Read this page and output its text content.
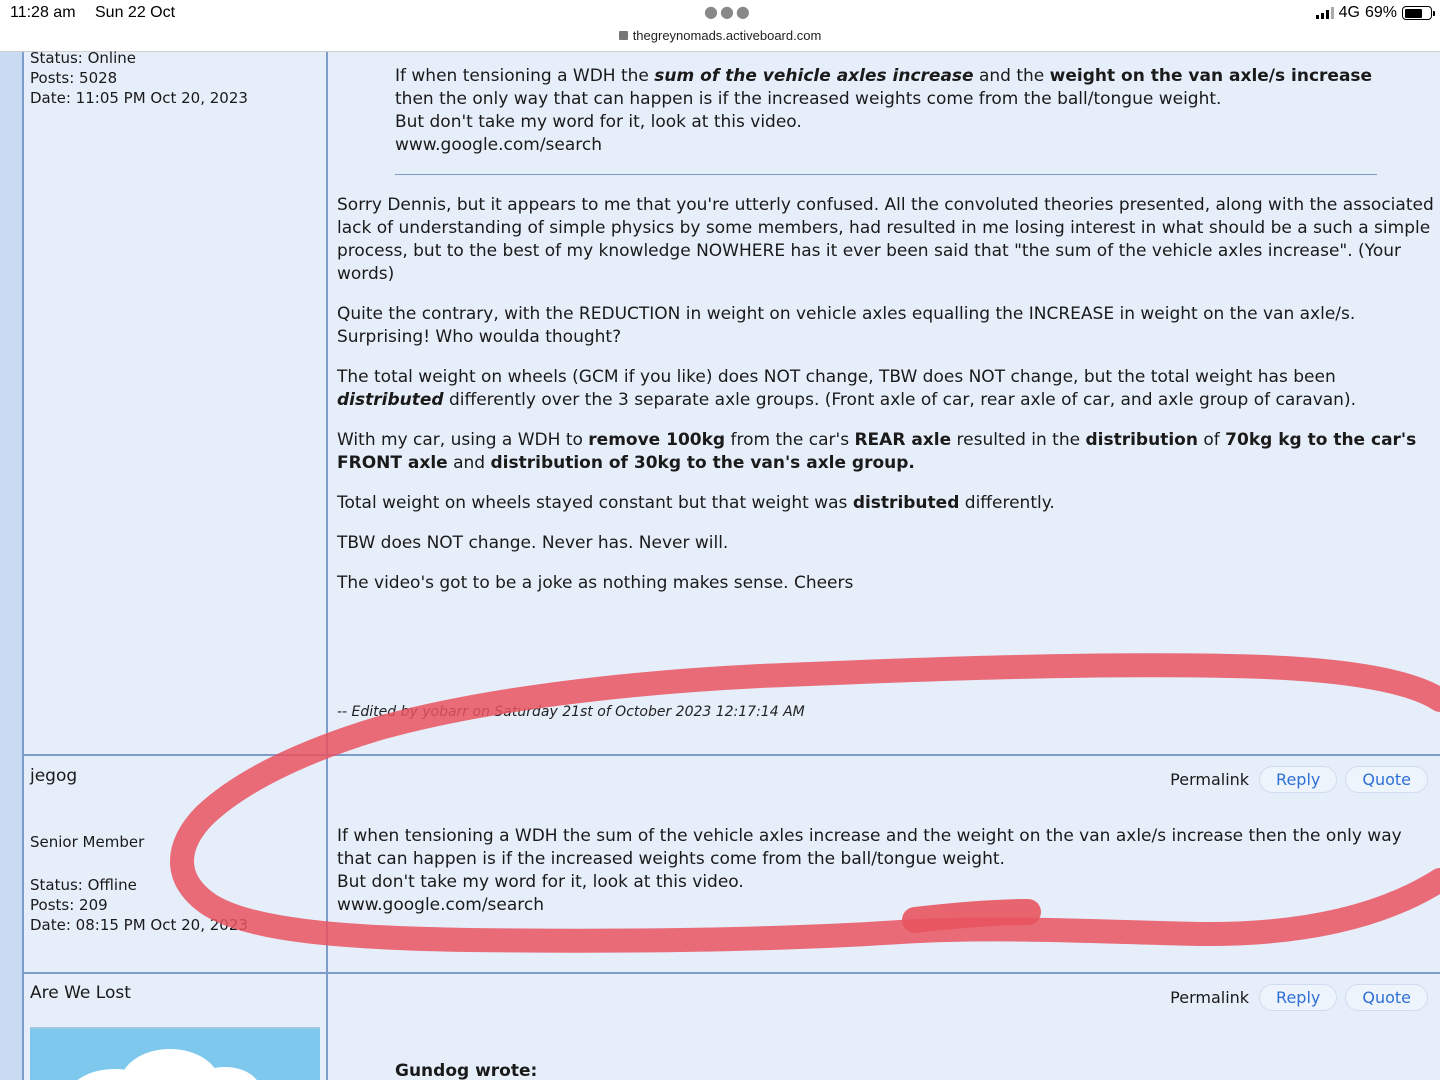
11:28 am Sun 22 Oct	●●●
thegreynomads.activeboard.com
4G 69%
Status: Online
Posts: 5028
Date: 11:05 PM Oct 20, 2023
If when tensioning a WDH the sum of the vehicle axles increase and the weight on the van axle/s increase then the only way that can happen is if the increased weights come from the ball/tongue weight.
But don't take my word for it, look at this video.
www.google.com/search

Sorry Dennis, but it appears to me that you're utterly confused. All the convoluted theories presented, along with the associated lack of understanding of simple physics by some members, had resulted in me losing interest in what should be a such a simple process, but to the best of my knowledge NOWHERE has it ever been said that "the sum of the vehicle axles increase". (Your words)

Quite the contrary, with the REDUCTION in weight on vehicle axles equalling the INCREASE in weight on the van axle/s. Surprising! Who woulda thought?

The total weight on wheels (GCM if you like) does NOT change, TBW does NOT change, but the total weight has been distributed differently over the 3 separate axle groups. (Front axle of car, rear axle of car, and axle group of caravan).

With my car, using a WDH to remove 100kg from the car's REAR axle resulted in the distribution of 70kg kg to the car's FRONT axle and distribution of 30kg to the van's axle group.

Total weight on wheels stayed constant but that weight was distributed differently.

TBW does NOT change. Never has. Never will.

The video's got to be a joke as nothing makes sense. Cheers

-- Edited by yobarr on Saturday 21st of October 2023 12:17:14 AM
jegog
Senior Member
Status: Offline
Posts: 209
Date: 08:15 PM Oct 20, 2023
Permalink	Reply	Quote
If when tensioning a WDH the sum of the vehicle axles increase and the weight on the van axle/s increase then the only way that can happen is if the increased weights come from the ball/tongue weight.
But don't take my word for it, look at this video.
www.google.com/search
Are We Lost	Permalink	Reply	Quote
Gundog wrote:
